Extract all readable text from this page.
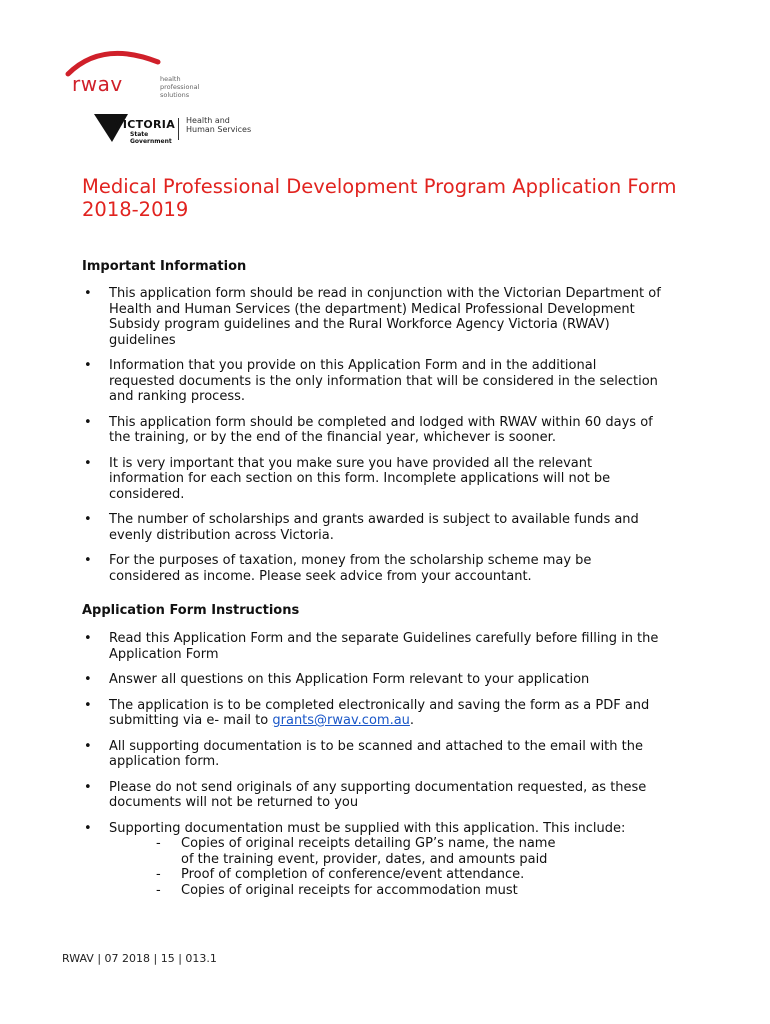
rwav	health professional solutions
VICTORIA
State Government
Health and Human Services
Medical Professional Development Program Application Form
2018-2019
Important Information
• This application form should be read in conjunction with the Victorian Department of Health and Human Services (the department) Medical Professional Development Subsidy program guidelines and the Rural Workforce Agency Victoria (RWAV) guidelines
• Information that you provide on this Application Form and in the additional requested documents is the only information that will be considered in the selection and ranking process.
• This application form should be completed and lodged with RWAV within 60 days of the training, or by the end of the financial year, whichever is sooner.
• It is very important that you make sure you have provided all the relevant information for each section on this form. Incomplete applications will not be considered.
• The number of scholarships and grants awarded is subject to available funds and evenly distribution across Victoria.
• For the purposes of taxation, money from the scholarship scheme may be considered as income. Please seek advice from your accountant.
Application Form Instructions
• Read this Application Form and the separate Guidelines carefully before filling in the Application Form
• Answer all questions on this Application Form relevant to your application
• The application is to be completed electronically and saving the form as a PDF and submitting via e- mail to grants@rwav.com.au.
• All supporting documentation is to be scanned and attached to the email with the application form.
• Please do not send originals of any supporting documentation requested, as these documents will not be returned to you
• Supporting documentation must be supplied with this application. This include:
- Copies of original receipts detailing GP’s name, the name of the training event, provider, dates, and amounts paid
- Proof of completion of conference/event attendance.
- Copies of original receipts for accommodation must
RWAV | 07 2018 | 15 | 013.1
